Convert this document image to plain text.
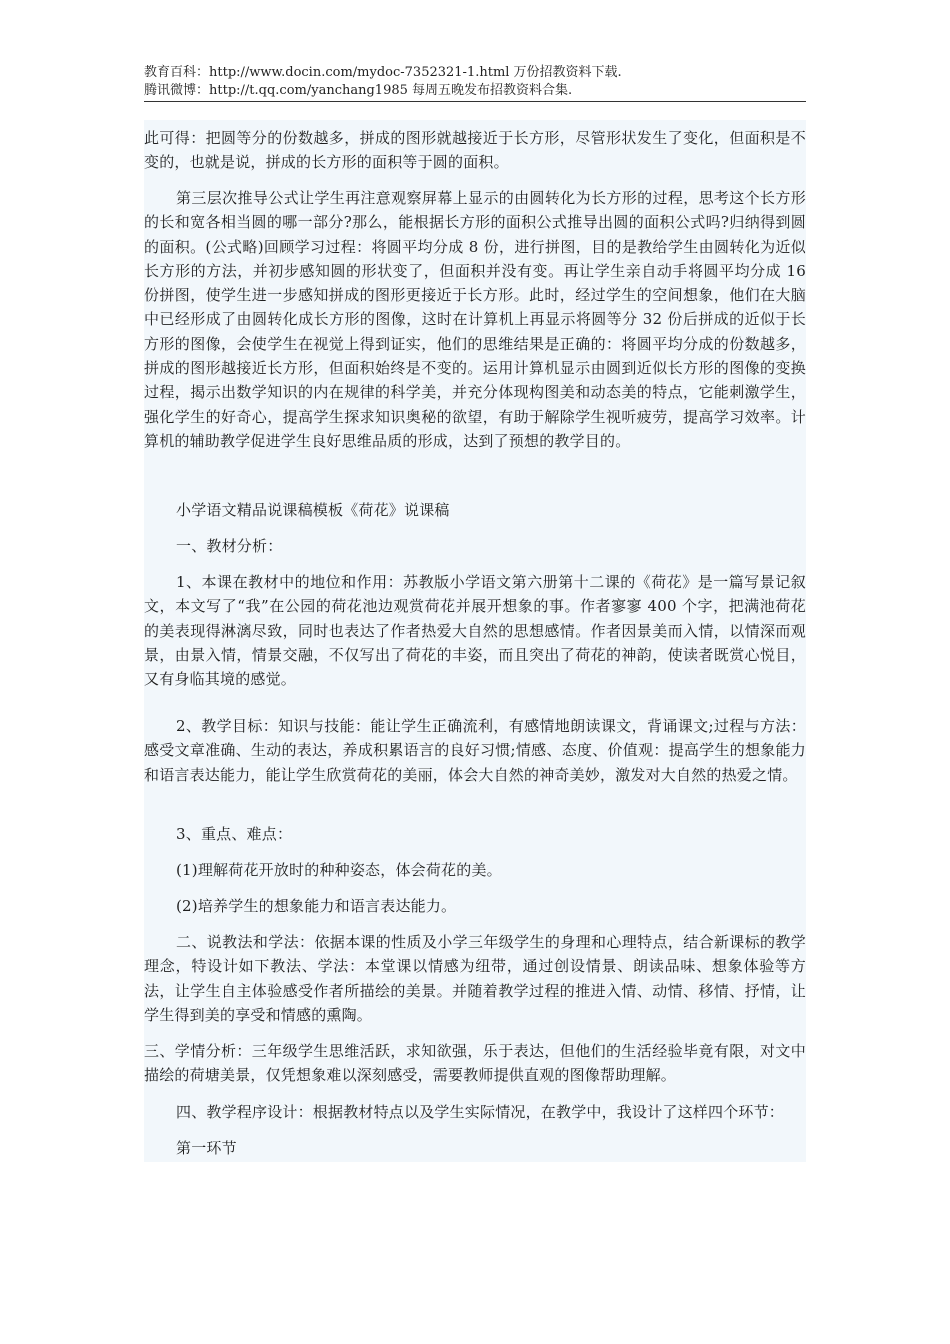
教育百科：http://www.docin.com/mydoc-7352321-1.html 万份招教资料下载.
腾讯微博：http://t.qq.com/yanchang1985 每周五晚发布招教资料合集.
此可得：把圆等分的份数越多，拼成的图形就越接近于长方形，尽管形状发生了变化，但面积是不变的，也就是说，拼成的长方形的面积等于圆的面积。
第三层次推导公式让学生再注意观察屏幕上显示的由圆转化为长方形的过程，思考这个长方形的长和宽各相当圆的哪一部分?那么，能根据长方形的面积公式推导出圆的面积公式吗?归纳得到圆的面积。(公式略)回顾学习过程：将圆平均分成 8 份，进行拼图，目的是教给学生由圆转化为近似长方形的方法，并初步感知圆的形状变了，但面积并没有变。再让学生亲自动手将圆平均分成 16 份拼图，使学生进一步感知拼成的图形更接近于长方形。此时，经过学生的空间想象，他们在大脑中已经形成了由圆转化成长方形的图像，这时在计算机上再显示将圆等分 32 份后拼成的近似于长方形的图像，会使学生在视觉上得到证实，他们的思维结果是正确的：将圆平均分成的份数越多，拼成的图形越接近长方形，但面积始终是不变的。运用计算机显示由圆到近似长方形的图像的变换过程，揭示出数学知识的内在规律的科学美，并充分体现构图美和动态美的特点，它能刺激学生，强化学生的好奇心，提高学生探求知识奥秘的欲望，有助于解除学生视听疲劳，提高学习效率。计算机的辅助教学促进学生良好思维品质的形成，达到了预想的教学目的。
小学语文精品说课稿模板《荷花》说课稿
一、教材分析：
1、本课在教材中的地位和作用：苏教版小学语文第六册第十二课的《荷花》是一篇写景记叙文，本文写了“我”在公园的荷花池边观赏荷花并展开想象的事。作者寥寥 400 个字，把满池荷花的美表现得淋漓尽致，同时也表达了作者热爱大自然的思想感情。作者因景美而入情，以情深而观景，由景入情，情景交融，不仅写出了荷花的丰姿，而且突出了荷花的神韵，使读者既赏心悦目，又有身临其境的感觉。
2、教学目标：知识与技能：能让学生正确流利，有感情地朗读课文，背诵课文;过程与方法：感受文章准确、生动的表达，养成积累语言的良好习惯;情感、态度、价值观：提高学生的想象能力和语言表达能力，能让学生欣赏荷花的美丽，体会大自然的神奇美妙，激发对大自然的热爱之情。
3、重点、难点：
(1)理解荷花开放时的种种姿态，体会荷花的美。
(2)培养学生的想象能力和语言表达能力。
二、说教法和学法：依据本课的性质及小学三年级学生的身理和心理特点，结合新课标的教学理念，特设计如下教法、学法：本堂课以情感为纽带，通过创设情景、朗读品味、想象体验等方法，让学生自主体验感受作者所描绘的美景。并随着教学过程的推进入情、动情、移情、抒情，让学生得到美的享受和情感的熏陶。
三、学情分析：三年级学生思维活跃，求知欲强，乐于表达，但他们的生活经验毕竟有限，对文中描绘的荷塘美景，仅凭想象难以深刻感受，需要教师提供直观的图像帮助理解。
四、教学程序设计：根据教材特点以及学生实际情况，在教学中，我设计了这样四个环节：
第一环节
